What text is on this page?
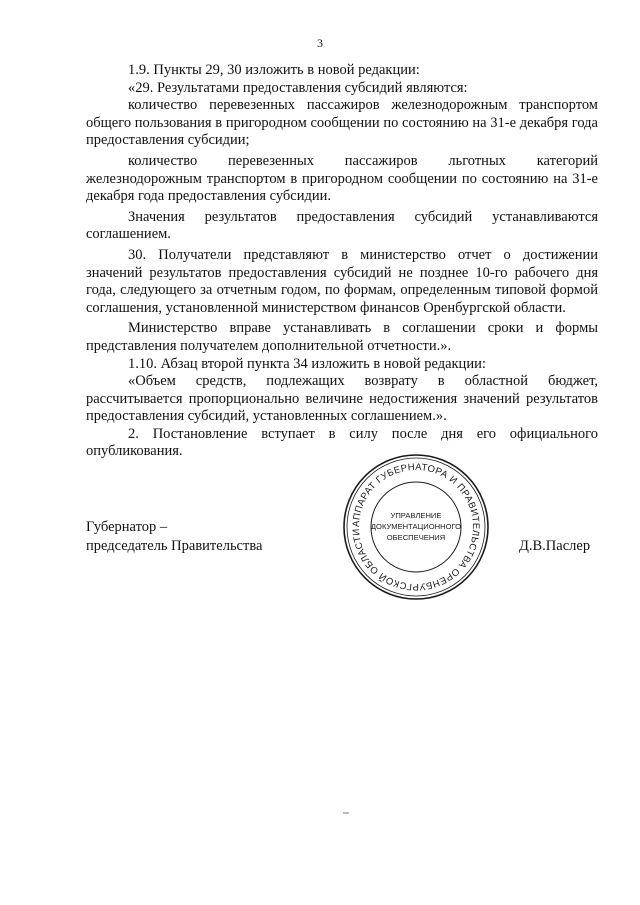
3

1.9. Пункты 29, 30 изложить в новой редакции:

«29. Результатами предоставления субсидий являются:

количество перевезенных пассажиров железнодорожным транспортом общего пользования в пригородном сообщении по состоянию на 31-е декабря года предоставления субсидии;

количество перевезенных пассажиров льготных категорий железнодорожным транспортом в пригородном сообщении по состоянию на 31-е декабря года предоставления субсидии.

Значения результатов предоставления субсидий устанавливаются соглашением.

30. Получатели представляют в министерство отчет о достижении значений результатов предоставления субсидий не позднее 10-го рабочего дня года, следующего за отчетным годом, по формам, определенным типовой формой соглашения, установленной министерством финансов Оренбургской области.

Министерство вправе устанавливать в соглашении сроки и формы представления получателем дополнительной отчетности.».

1.10. Абзац второй пункта 34 изложить в новой редакции:

«Объем средств, подлежащих возврату в областной бюджет, рассчитывается пропорционально величине недостижения значений результатов предоставления субсидий, установленных соглашением.».

2. Постановление вступает в силу после дня его официального опубликования.

Губернатор –
председатель Правительства
АППАРАТ ГУБЕРНАТОРА И ПРАВИТЕЛЬСТВА ОРЕНБУРГСКОЙ ОБЛАСТИ
УПРАВЛЕНИЕ
ДОКУМЕНТАЦИОННОГО
ОБЕСПЕЧЕНИЯ
Д.В.Паслер
